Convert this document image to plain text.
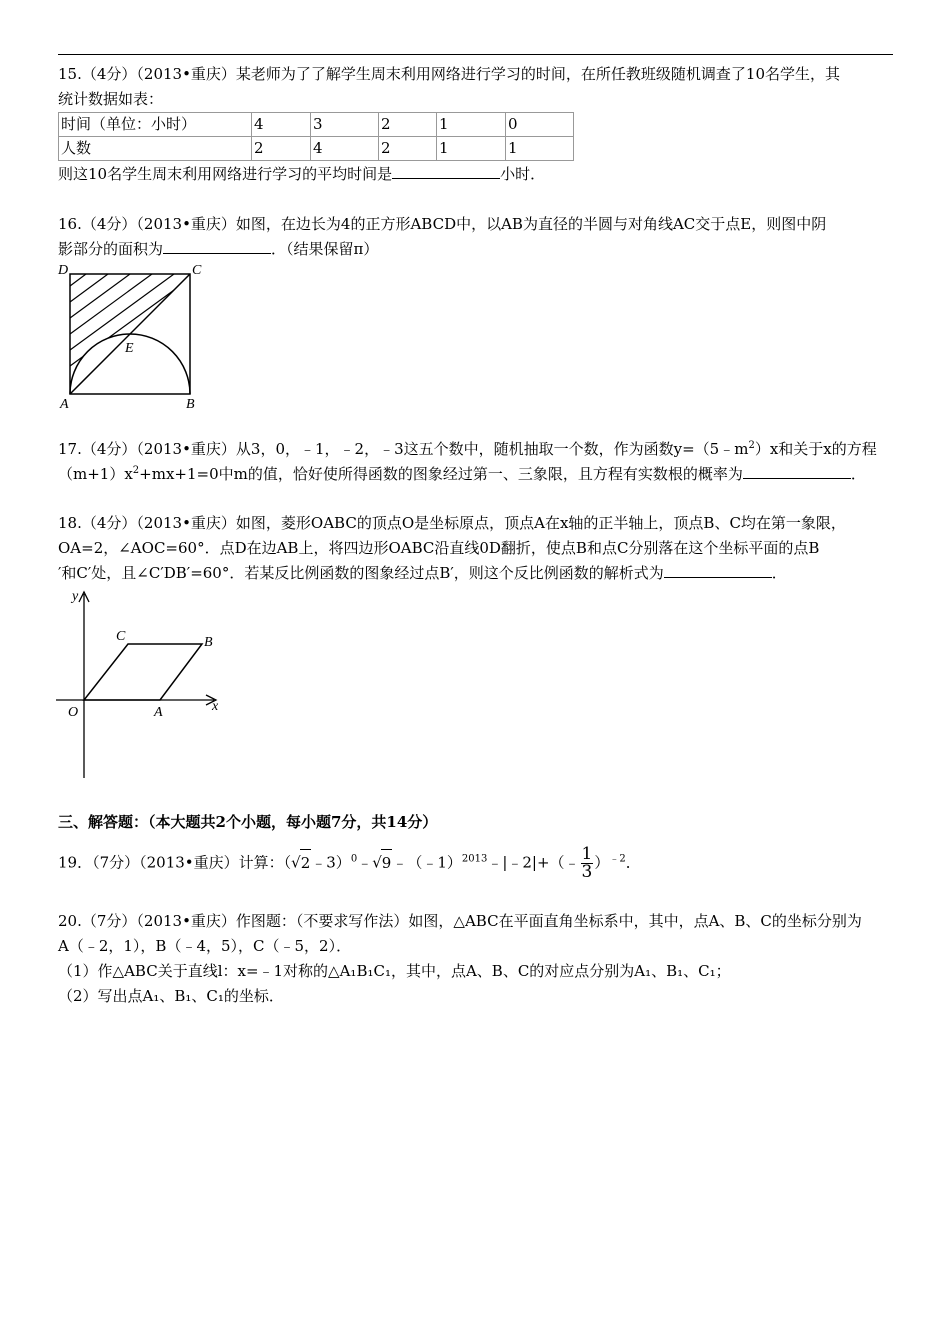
15.（4分）（2013•重庆）某老师为了了解学生周末利用网络进行学习的时间，在所任教班级随机调查了10名学生，其
统计数据如表：
时间（单位：小时）	4	3	2	1	0
人数	2	4	2	1	1
则这10名学生周末利用网络进行学习的平均时间是	小时．
16.（4分）（2013•重庆）如图，在边长为4的正方形ABCD中，以AB为直径的半圆与对角线AC交于点E，则图中阴
影部分的面积为	．（结果保留π）
D	C
E
A	B
17.（4分）（2013•重庆）从3，0，﹣1，﹣2，﹣3这五个数中，随机抽取一个数，作为函数$y=(5﹣m^2)x$和关于x的方程
$(m+1)x^2+mx+1=0$中m的值，恰好使所得函数的图象经过第一、三象限，且方程有实数根的概率为	．
18.（4分）（2013•重庆）如图，菱形OABC的顶点O是坐标原点，顶点A在x轴的正半轴上，顶点B、C均在第一象限，
OA=2，∠AOC=60°．点D在边AB上，将四边形OABC沿直线0D翻折，使点B和点C分别落在这个坐标平面的点B
′和C′处，且∠C′DB′=60°．若某反比例函数的图象经过点B′，则这个反比例函数的解析式为	．
y
x
O	A
B
C
三、解答题：（本大题共2个小题，每小题7分，共14分）
19．（7分）（2013•重庆）计算：（√2﹣3）$^0$﹣√9﹣（﹣1）$^{2013}$﹣|﹣2|+（﹣ $\frac{1}{3} )^{﹣2}$．
20.（7分）（2013•重庆）作图题：（不要求写作法）如图，△ABC在平面直角坐标系中，其中，点A、B、C的坐标分别为
A（﹣2，1），B（﹣4，5），C（﹣5，2）．
（1）作△ABC关于直线l：x=﹣1对称的△A₁B₁C₁，其中，点A、B、C的对应点分别为A₁、B₁、C₁；
（2）写出点A₁、B₁、C₁的坐标．
